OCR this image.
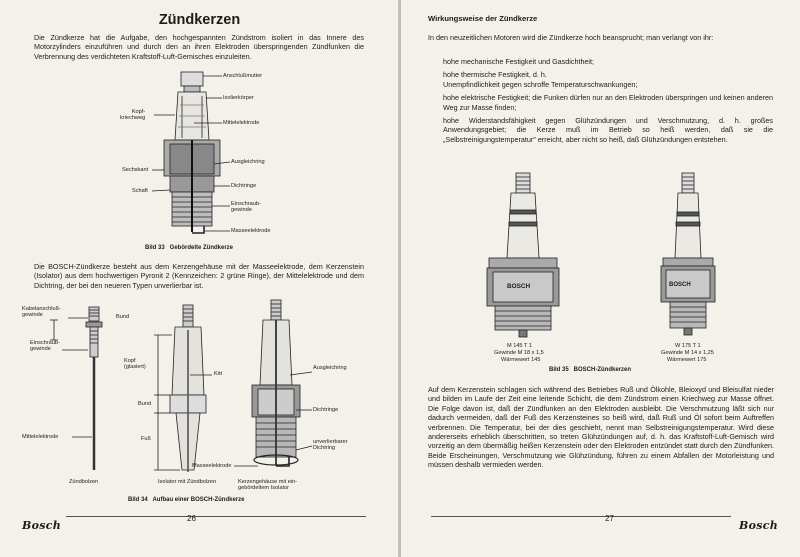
Zündkerzen
Die Zündkerze hat die Aufgabe, den hochgespannten Zündstrom isoliert in das Innere des Motorzylinders einzuführen und durch den an ihren Elektroden überspringenden Zündfunken die Verbrennung des verdichteten Kraftstoff-Luft-Gemisches einzuleiten.
Anschlußmutter
Isolierkörper
Kopf-
kriechweg
Mittelelektrode
Ausgleichring
Sechskant
Dichtringe
Schaft
Einschraub-
gewinde
Masseelektrode
Bild 33   Gebördelte Zündkerze
Die BOSCH-Zündkerze besteht aus dem Kerzengehäuse mit der Masseelektrode, dem Kerzenstein (Isolator) aus dem hochwertigen Pyronit 2 (Kennzeichen: 2 grüne Ringe), der Mittelelektrode und dem Dichtring, der bei den neueren Typen unverlierbar ist.
Kabelanschluß-
gewinde
Einschraub-
gewinde
Mittelelektrode
Zündbolzen
Bund
Kopf
(glasiert)
Kitt
Bund
Fuß
Masseelektrode
Isolator mit Zündbolzen	Kerzengehäuse mit ein-
gebördeltem Isolator
Ausgleichring
Dichtringe
unverlierbarer
Dichtring
Bild 34   Aufbau einer BOSCH-Zündkerze
Bosch
26
Wirkungsweise der Zündkerze
In den neuzeitlichen Motoren wird die Zündkerze hoch beansprucht; man verlangt von ihr:

hohe mechanische Festigkeit und Gasdichtheit;

hohe thermische Festigkeit, d. h.
Unempfindlichkeit gegen schroffe Temperaturschwankungen;

hohe elektrische Festigkeit; die Funken dürfen nur an den Elektroden überspringen und keinen anderen Weg zur Masse finden;

hohe Widerstandsfähigkeit gegen Glühzündungen und Verschmutzung, d. h. großes Anwendungsgebiet; die Kerze muß im Betrieb so heiß werden, daß sie die „Selbstreinigungstemperatur" erreicht, aber nicht so heiß, daß Glühzündungen entstehen.

BOSCH	BOSCH
M 145 T 1
Gewinde M 18 x 1,5
Wärmewert 145
W 175 T 1
Gewinde M 14 x 1,25
Wärmewert 175
Bild 35   BOSCH-Zündkerzen
Auf dem Kerzenstein schlagen sich während des Betriebes Ruß und Ölkohle, Bleioxyd und Bleisulfat nieder und bilden im Laufe der Zeit eine leitende Schicht, die dem Zündstrom einen Kriechweg zur Masse öffnet. Die Folge davon ist, daß der Zündfunken an den Elektroden ausbleibt. Die Verschmutzung läßt sich nur dadurch vermeiden, daß der Fuß des Kerzensteines so heiß wird, daß Ruß und Öl sofort beim Auftreffen verbrennen. Die Temperatur, bei der dies geschieht, nennt man Selbstreinigungstemperatur. Wird diese andererseits erheblich überschritten, so treten Glühzündungen auf, d. h. das Kraftstoff-Luft-Gemisch wird vorzeitig an dem übermäßig heißen Kerzenstein oder den Elektroden entzündet statt durch den Zündfunken. Beide Erscheinungen, Verschmutzung wie Glühzündung, führen zu einem Abfallen der Motorleistung und müssen deshalb vermieden werden.
27
Bosch
